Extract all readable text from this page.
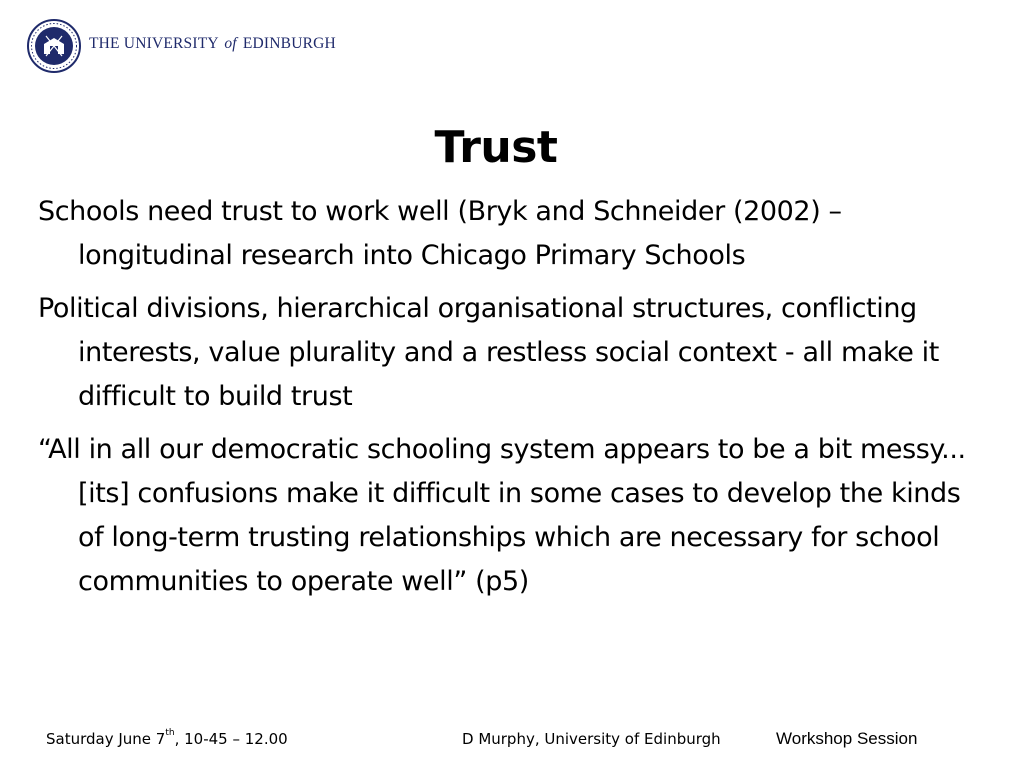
THE UNIVERSITY of EDINBURGH
Trust
Schools need trust to work well (Bryk and Schneider (2002) – longitudinal research into Chicago Primary Schools
Political divisions, hierarchical organisational structures, conflicting interests, value plurality and a restless social context - all make it difficult to build trust
“All in all our democratic schooling system appears to be a bit messy... [its] confusions make it difficult in some cases to develop the kinds of long-term trusting relationships which are necessary for school communities to operate well” (p5)
Saturday June 7th, 10-45 – 12.00	D Murphy, University of Edinburgh	Workshop Session
